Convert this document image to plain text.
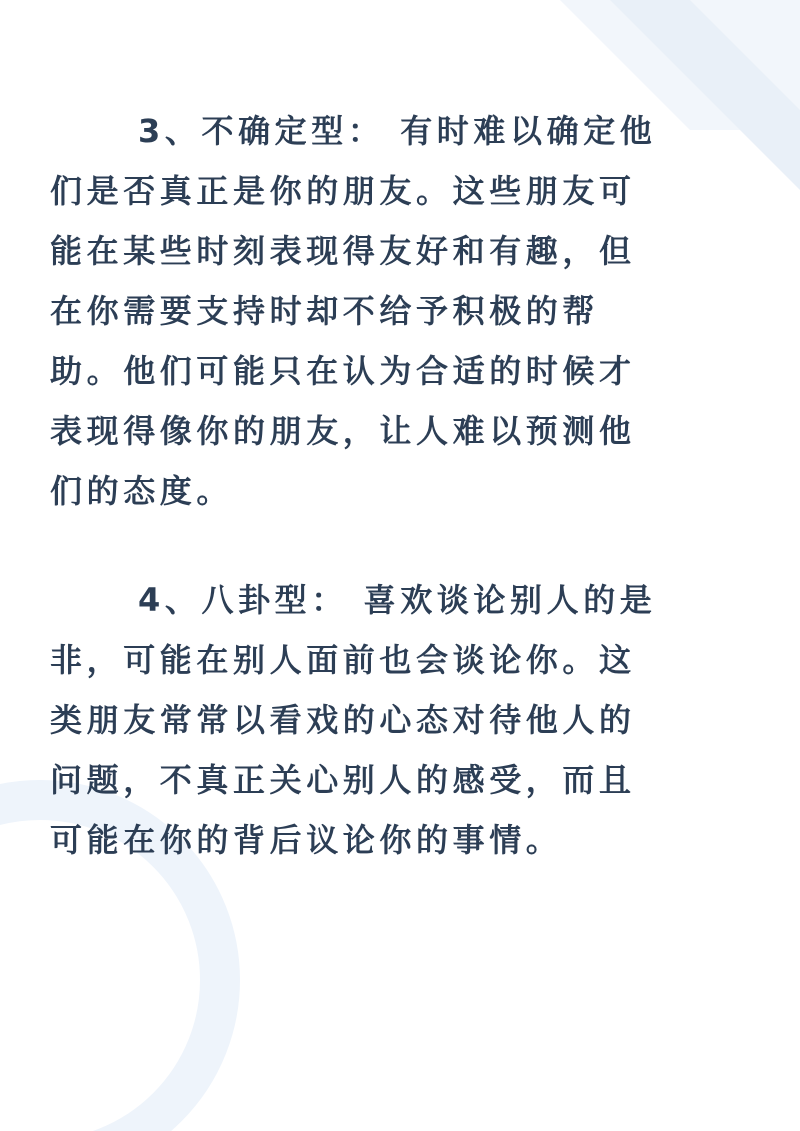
3、不确定型： 有时难以确定他
们是否真正是你的朋友。这些朋友可
能在某些时刻表现得友好和有趣，但
在你需要支持时却不给予积极的帮
助。他们可能只在认为合适的时候才
表现得像你的朋友，让人难以预测他
们的态度。
4、八卦型： 喜欢谈论别人的是
非，可能在别人面前也会谈论你。这
类朋友常常以看戏的心态对待他人的
问题，不真正关心别人的感受，而且
可能在你的背后议论你的事情。
